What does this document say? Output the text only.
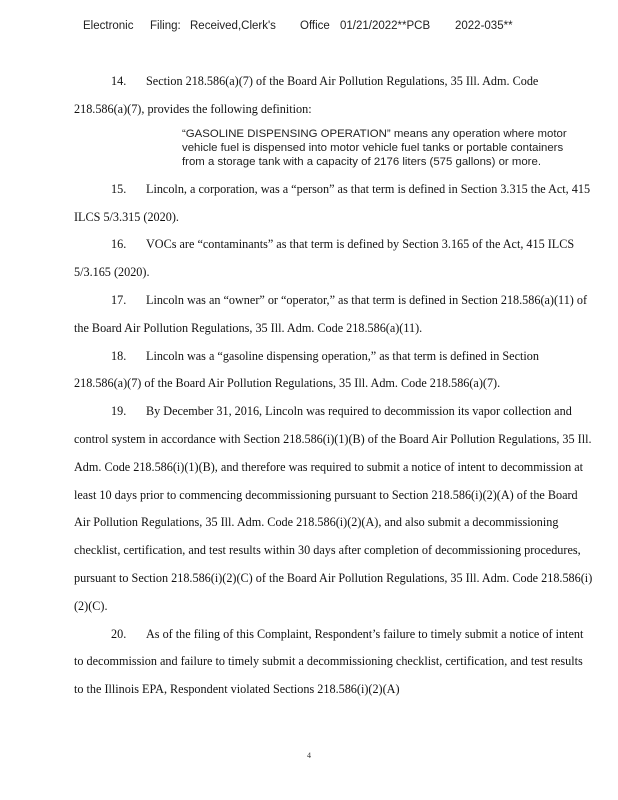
Electronic Filing: Received,Clerk's Office 01/21/2022**PCB 2022-035**

14. Section 218.586(a)(7) of the Board Air Pollution Regulations, 35 Ill. Adm. Code 218.586(a)(7), provides the following definition:

“GASOLINE DISPENSING OPERATION” means any operation where motor vehicle fuel is dispensed into motor vehicle fuel tanks or portable containers from a storage tank with a capacity of 2176 liters (575 gallons) or more.

15. Lincoln, a corporation, was a “person” as that term is defined in Section 3.315 the Act, 415 ILCS 5/3.315 (2020).

16. VOCs are “contaminants” as that term is defined by Section 3.165 of the Act, 415 ILCS 5/3.165 (2020).

17. Lincoln was an “owner” or “operator,” as that term is defined in Section 218.586(a)(11) of the Board Air Pollution Regulations, 35 Ill. Adm. Code 218.586(a)(11).

18. Lincoln was a “gasoline dispensing operation,” as that term is defined in Section 218.586(a)(7) of the Board Air Pollution Regulations, 35 Ill. Adm. Code 218.586(a)(7).

19. By December 31, 2016, Lincoln was required to decommission its vapor collection and control system in accordance with Section 218.586(i)(1)(B) of the Board Air Pollution Regulations, 35 Ill. Adm. Code 218.586(i)(1)(B), and therefore was required to submit a notice of intent to decommission at least 10 days prior to commencing decommissioning pursuant to Section 218.586(i)(2)(A) of the Board Air Pollution Regulations, 35 Ill. Adm. Code 218.586(i)(2)(A), and also submit a decommissioning checklist, certification, and test results within 30 days after completion of decommissioning procedures, pursuant to Section 218.586(i)(2)(C) of the Board Air Pollution Regulations, 35 Ill. Adm. Code 218.586(i)(2)(C).

20. As of the filing of this Complaint, Respondent’s failure to timely submit a notice of intent to decommission and failure to timely submit a decommissioning checklist, certification, and test results to the Illinois EPA, Respondent violated Sections 218.586(i)(2)(A)

4
